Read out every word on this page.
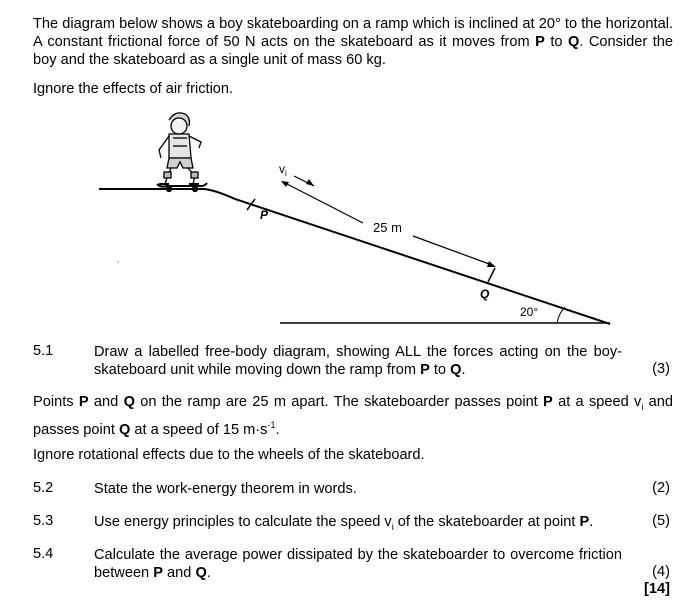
The diagram below shows a boy skateboarding on a ramp which is inclined at 20° to the horizontal. A constant frictional force of 50 N acts on the skateboard as it moves from P to Q. Consider the boy and the skateboard as a single unit of mass 60 kg.
Ignore the effects of air friction.
$v_i$
25 m
P
Q
20°
5.1	Draw a labelled free-body diagram, showing ALL the forces acting on the boy-skateboard unit while moving down the ramp from P to Q.	(3)
Points P and Q on the ramp are 25 m apart. The skateboarder passes point P at a speed $v_i$ and passes point Q at a speed of 15 $m\cdot s^{-1}$.
Ignore rotational effects due to the wheels of the skateboard.
5.2	State the work-energy theorem in words.	(2)
5.3	Use energy principles to calculate the speed $v_i$ of the skateboarder at point P.	(5)
5.4	Calculate the average power dissipated by the skateboarder to overcome friction between P and Q.	(4)
[14]
